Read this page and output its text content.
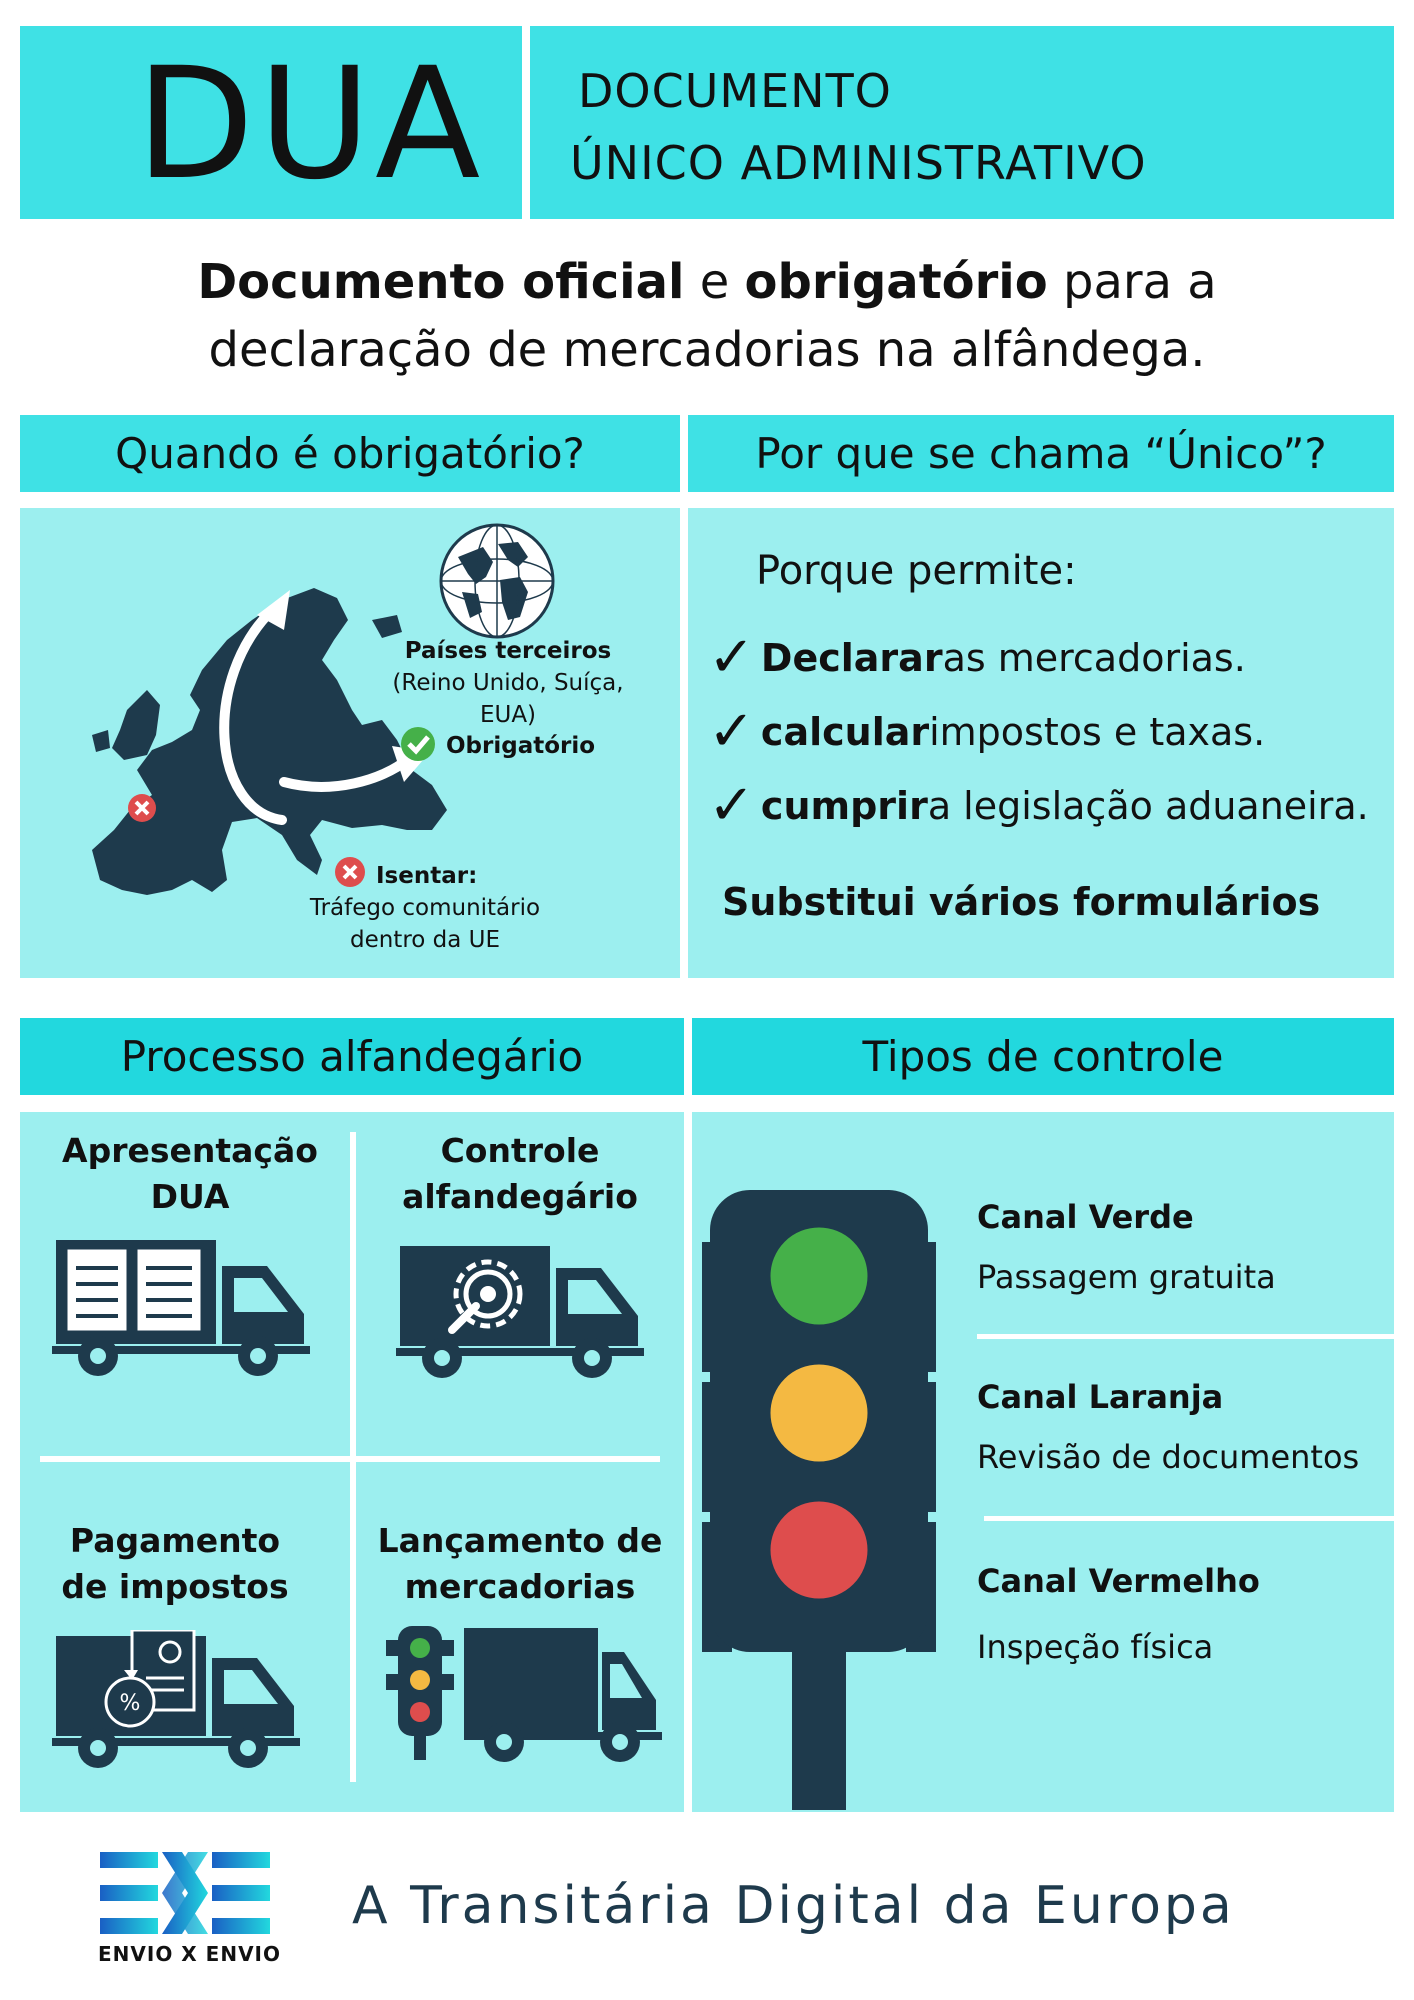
DUA	DOCUMENTO
ÚNICO ADMINISTRATIVO
Documento oficial e obrigatório para a
declaração de mercadorias na alfândega.
Quando é obrigatório?	Por que se chama “Único”?
Países terceiros
(Reino Unido, Suíça,
EUA)
Obrigatório
Isentar:
Tráfego comunitário
dentro da UE
Porque permite:
✓ Declarar as mercadorias.
✓ calcular impostos e taxas.
✓ cumprir a legislação aduaneira.
Substitui vários formulários
Processo alfandegário	Tipos de controle
Apresentação
DUA
Controle
alfandegário
Pagamento
de impostos
Lançamento de
mercadorias
%
Canal Verde
Passagem gratuita
Canal Laranja
Revisão de documentos
Canal Vermelho
Inspeção física
ENVIO X ENVIO
A Transitária Digital da Europa
